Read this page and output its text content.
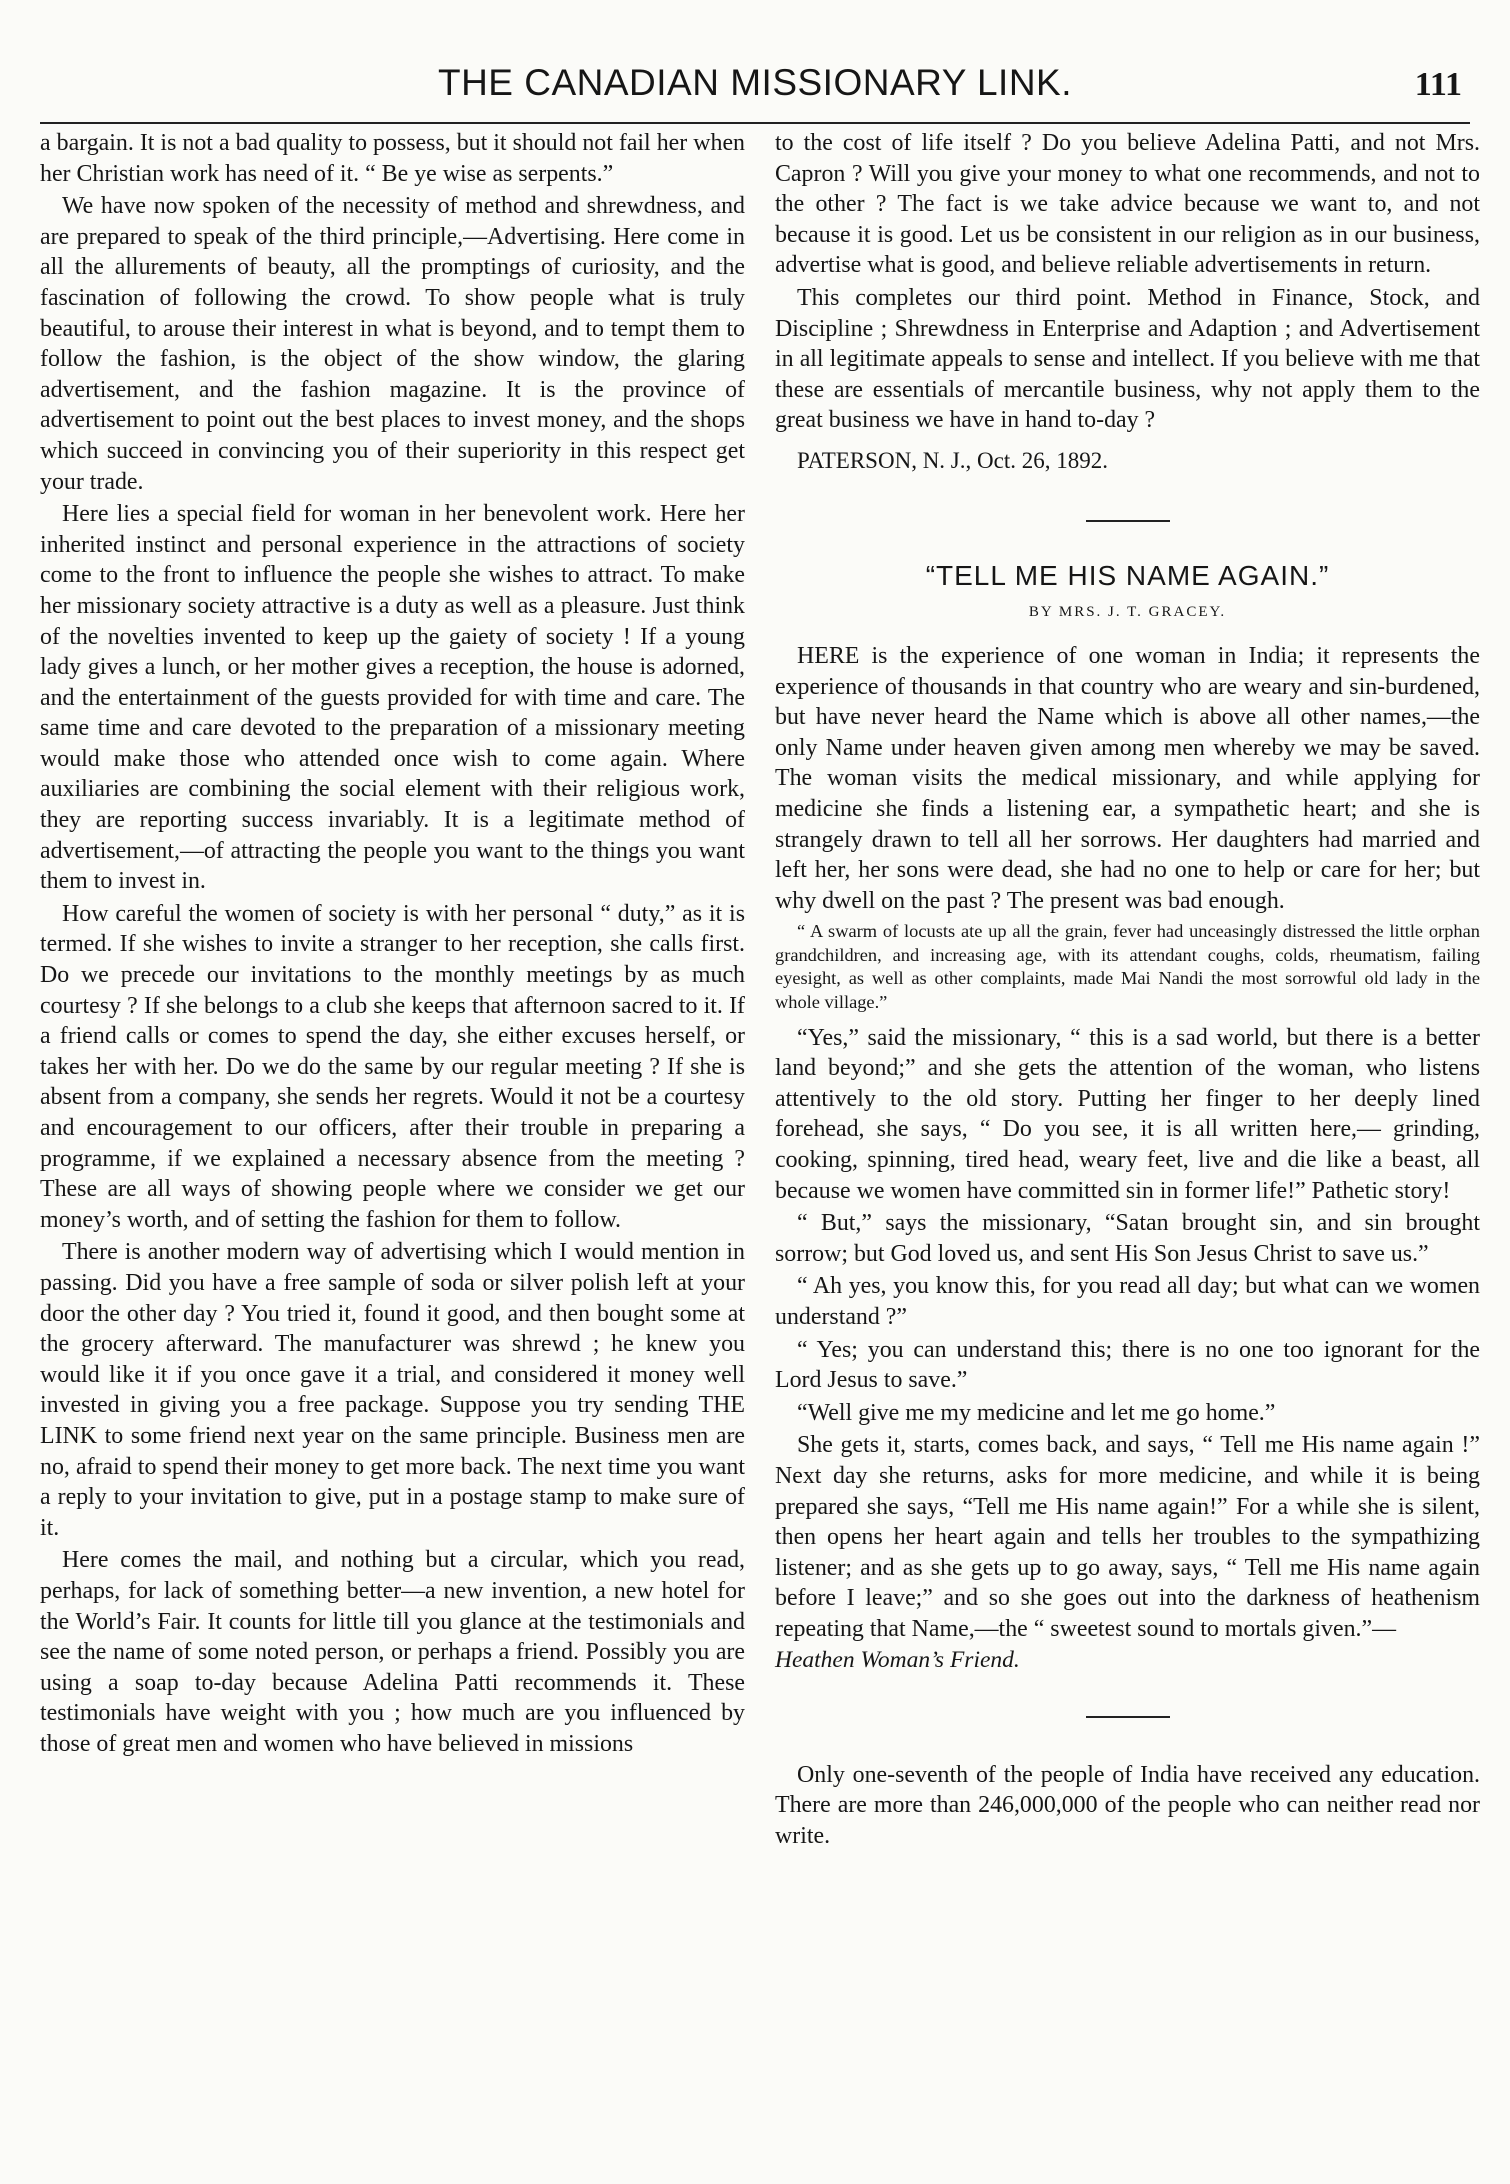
THE CANADIAN MISSIONARY LINK.	111

a bargain. It is not a bad quality to possess, but it should not fail her when her Christian work has need of it. “ Be ye wise as serpents.”

We have now spoken of the necessity of method and shrewdness, and are prepared to speak of the third principle,—Advertising. Here come in all the allurements of beauty, all the promptings of curiosity, and the fascination of following the crowd. To show people what is truly beautiful, to arouse their interest in what is beyond, and to tempt them to follow the fashion, is the object of the show window, the glaring advertisement, and the fashion magazine. It is the province of advertisement to point out the best places to invest money, and the shops which succeed in convincing you of their superiority in this respect get your trade.

Here lies a special field for woman in her benevolent work. Here her inherited instinct and personal experience in the attractions of society come to the front to influence the people she wishes to attract. To make her missionary society attractive is a duty as well as a pleasure. Just think of the novelties invented to keep up the gaiety of society ! If a young lady gives a lunch, or her mother gives a reception, the house is adorned, and the entertainment of the guests provided for with time and care. The same time and care devoted to the preparation of a missionary meeting would make those who attended once wish to come again. Where auxiliaries are combining the social element with their religious work, they are reporting success invariably. It is a legitimate method of advertisement,—of attracting the people you want to the things you want them to invest in.

How careful the women of society is with her personal “ duty,” as it is termed. If she wishes to invite a stranger to her reception, she calls first. Do we precede our invitations to the monthly meetings by as much courtesy ? If she belongs to a club she keeps that afternoon sacred to it. If a friend calls or comes to spend the day, she either excuses herself, or takes her with her. Do we do the same by our regular meeting ? If she is absent from a company, she sends her regrets. Would it not be a courtesy and encouragement to our officers, after their trouble in preparing a programme, if we explained a necessary absence from the meeting ? These are all ways of showing people where we consider we get our money’s worth, and of setting the fashion for them to follow.

There is another modern way of advertising which I would mention in passing. Did you have a free sample of soda or silver polish left at your door the other day ? You tried it, found it good, and then bought some at the grocery afterward. The manufacturer was shrewd ; he knew you would like it if you once gave it a trial, and considered it money well invested in giving you a free package. Suppose you try sending THE LINK to some friend next year on the same principle. Business men are no, afraid to spend their money to get more back. The next time you want a reply to your invitation to give, put in a postage stamp to make sure of it.

Here comes the mail, and nothing but a circular, which you read, perhaps, for lack of something better—a new invention, a new hotel for the World’s Fair. It counts for little till you glance at the testimonials and see the name of some noted person, or perhaps a friend. Possibly you are using a soap to-day because Adelina Patti recommends it. These testimonials have weight with you ; how much are you influenced by those of great men and women who have believed in missions

to the cost of life itself ? Do you believe Adelina Patti, and not Mrs. Capron ? Will you give your money to what one recommends, and not to the other ? The fact is we take advice because we want to, and not because it is good. Let us be consistent in our religion as in our business, advertise what is good, and believe reliable advertisements in return.

This completes our third point. Method in Finance, Stock, and Discipline ; Shrewdness in Enterprise and Adaption ; and Advertisement in all legitimate appeals to sense and intellect. If you believe with me that these are essentials of mercantile business, why not apply them to the great business we have in hand to-day ?

PATERSON, N. J., Oct. 26, 1892.

“TELL ME HIS NAME AGAIN.”
BY MRS. J. T. GRACEY.

HERE is the experience of one woman in India; it represents the experience of thousands in that country who are weary and sin-burdened, but have never heard the Name which is above all other names,—the only Name under heaven given among men whereby we may be saved. The woman visits the medical missionary, and while applying for medicine she finds a listening ear, a sympathetic heart; and she is strangely drawn to tell all her sorrows. Her daughters had married and left her, her sons were dead, she had no one to help or care for her; but why dwell on the past ? The present was bad enough.

“ A swarm of locusts ate up all the grain, fever had unceasingly distressed the little orphan grandchildren, and increasing age, with its attendant coughs, colds, rheumatism, failing eyesight, as well as other complaints, made Mai Nandi the most sorrowful old lady in the whole village.”

“Yes,” said the missionary, “ this is a sad world, but there is a better land beyond;” and she gets the attention of the woman, who listens attentively to the old story. Putting her finger to her deeply lined forehead, she says, “ Do you see, it is all written here,— grinding, cooking, spinning, tired head, weary feet, live and die like a beast, all because we women have committed sin in former life!” Pathetic story!

“ But,” says the missionary, “Satan brought sin, and sin brought sorrow; but God loved us, and sent His Son Jesus Christ to save us.”

“ Ah yes, you know this, for you read all day; but what can we women understand ?”

“ Yes; you can understand this; there is no one too ignorant for the Lord Jesus to save.”

“Well give me my medicine and let me go home.”

She gets it, starts, comes back, and says, “ Tell me His name again !” Next day she returns, asks for more medicine, and while it is being prepared she says, “Tell me His name again!” For a while she is silent, then opens her heart again and tells her troubles to the sympathizing listener; and as she gets up to go away, says, “ Tell me His name again before I leave;” and so she goes out into the darkness of heathenism repeating that Name,—the “ sweetest sound to mortals given.”—

Heathen Woman’s Friend.

Only one-seventh of the people of India have received any education. There are more than 246,000,000 of the people who can neither read nor write.
